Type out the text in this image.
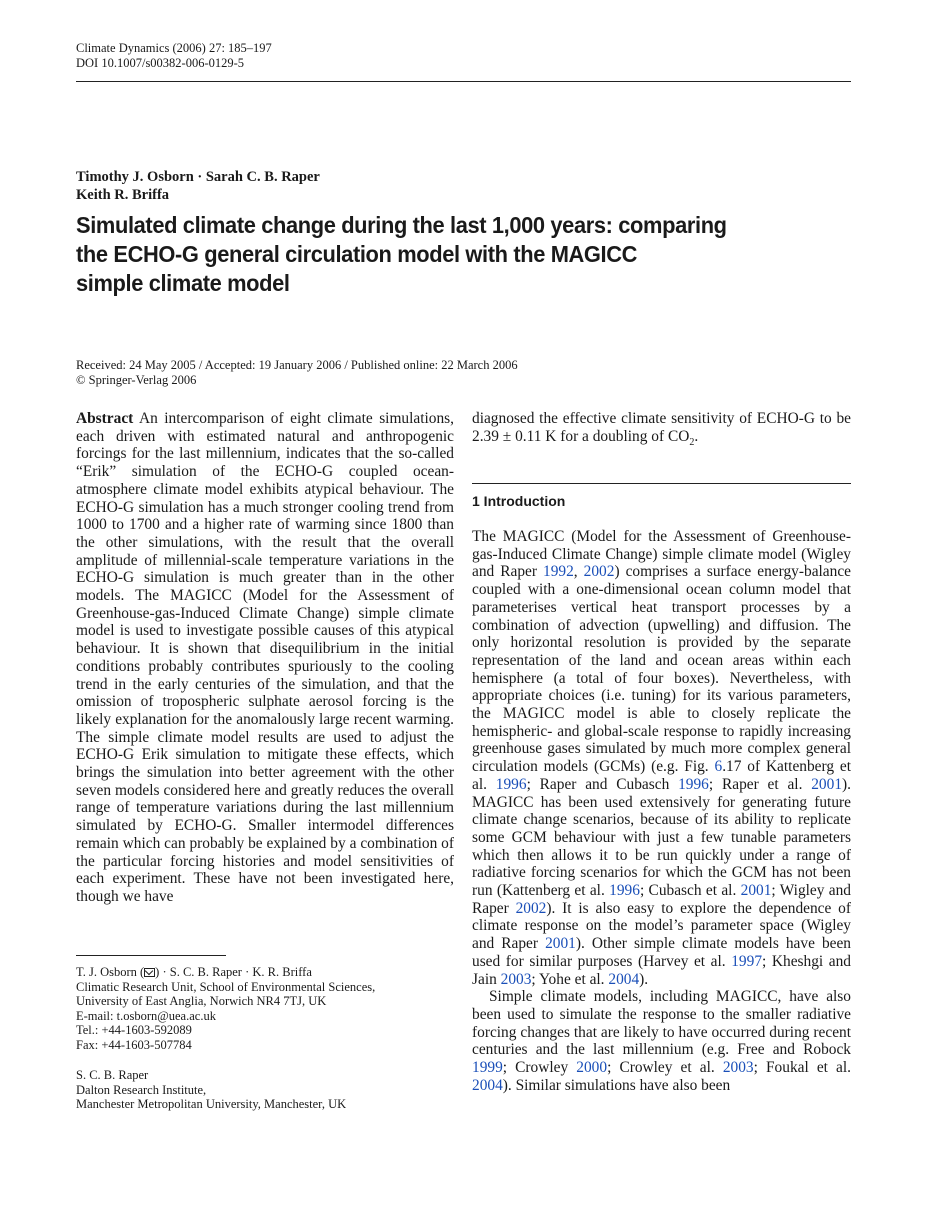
Climate Dynamics (2006) 27: 185–197
DOI 10.1007/s00382-006-0129-5
Timothy J. Osborn · Sarah C. B. Raper
Keith R. Briffa
Simulated climate change during the last 1,000 years: comparing
the ECHO-G general circulation model with the MAGICC
simple climate model
Received: 24 May 2005 / Accepted: 19 January 2006 / Published online: 22 March 2006
© Springer-Verlag 2006

Abstract An intercomparison of eight climate simulations, each driven with estimated natural and anthropogenic forcings for the last millennium, indicates that the so-called “Erik” simulation of the ECHO-G coupled ocean-atmosphere climate model exhibits atypical behaviour. The ECHO-G simulation has a much stronger cooling trend from 1000 to 1700 and a higher rate of warming since 1800 than the other simulations, with the result that the overall amplitude of millennial-scale temperature variations in the ECHO-G simulation is much greater than in the other models. The MAGICC (Model for the Assessment of Greenhouse-gas-Induced Climate Change) simple climate model is used to investigate possible causes of this atypical behaviour. It is shown that disequilibrium in the initial conditions probably contributes spuriously to the cooling trend in the early centuries of the simulation, and that the omission of tropospheric sulphate aerosol forcing is the likely explanation for the anomalously large recent warming. The simple climate model results are used to adjust the ECHO-G Erik simulation to mitigate these effects, which brings the simulation into better agreement with the other seven models considered here and greatly reduces the overall range of temperature variations during the last millennium simulated by ECHO-G. Smaller intermodel differences remain which can probably be explained by a combination of the particular forcing histories and model sensitivities of each experiment. These have not been investigated here, though we have

diagnosed the effective climate sensitivity of ECHO-G to be 2.39 ± 0.11 K for a doubling of $CO_2$.

1 Introduction

The MAGICC (Model for the Assessment of Greenhouse-gas-Induced Climate Change) simple climate model (Wigley and Raper 1992, 2002) comprises a surface energy-balance coupled with a one-dimensional ocean column model that parameterises vertical heat transport processes by a combination of advection (upwelling) and diffusion. The only horizontal resolution is provided by the separate representation of the land and ocean areas within each hemisphere (a total of four boxes). Nevertheless, with appropriate choices (i.e. tuning) for its various parameters, the MAGICC model is able to closely replicate the hemispheric- and global-scale response to rapidly increasing greenhouse gases simulated by much more complex general circulation models (GCMs) (e.g. Fig. 6.17 of Kattenberg et al. 1996; Raper and Cubasch 1996; Raper et al. 2001). MAGICC has been used extensively for generating future climate change scenarios, because of its ability to replicate some GCM behaviour with just a few tunable parameters which then allows it to be run quickly under a range of radiative forcing scenarios for which the GCM has not been run (Kattenberg et al. 1996; Cubasch et al. 2001; Wigley and Raper 2002). It is also easy to explore the dependence of climate response on the model’s parameter space (Wigley and Raper 2001). Other simple climate models have been used for similar purposes (Harvey et al. 1997; Kheshgi and Jain 2003; Yohe et al. 2004).

Simple climate models, including MAGICC, have also been used to simulate the response to the smaller radiative forcing changes that are likely to have occurred during recent centuries and the last millennium (e.g. Free and Robock 1999; Crowley 2000; Crowley et al. 2003; Foukal et al. 2004). Similar simulations have also been

T. J. Osborn ( ) · S. C. B. Raper · K. R. Briffa
Climatic Research Unit, School of Environmental Sciences,
University of East Anglia, Norwich NR4 7TJ, UK
E-mail: t.osborn@uea.ac.uk
Tel.: +44-1603-592089
Fax: +44-1603-507784
S. C. B. Raper
Dalton Research Institute,
Manchester Metropolitan University, Manchester, UK
